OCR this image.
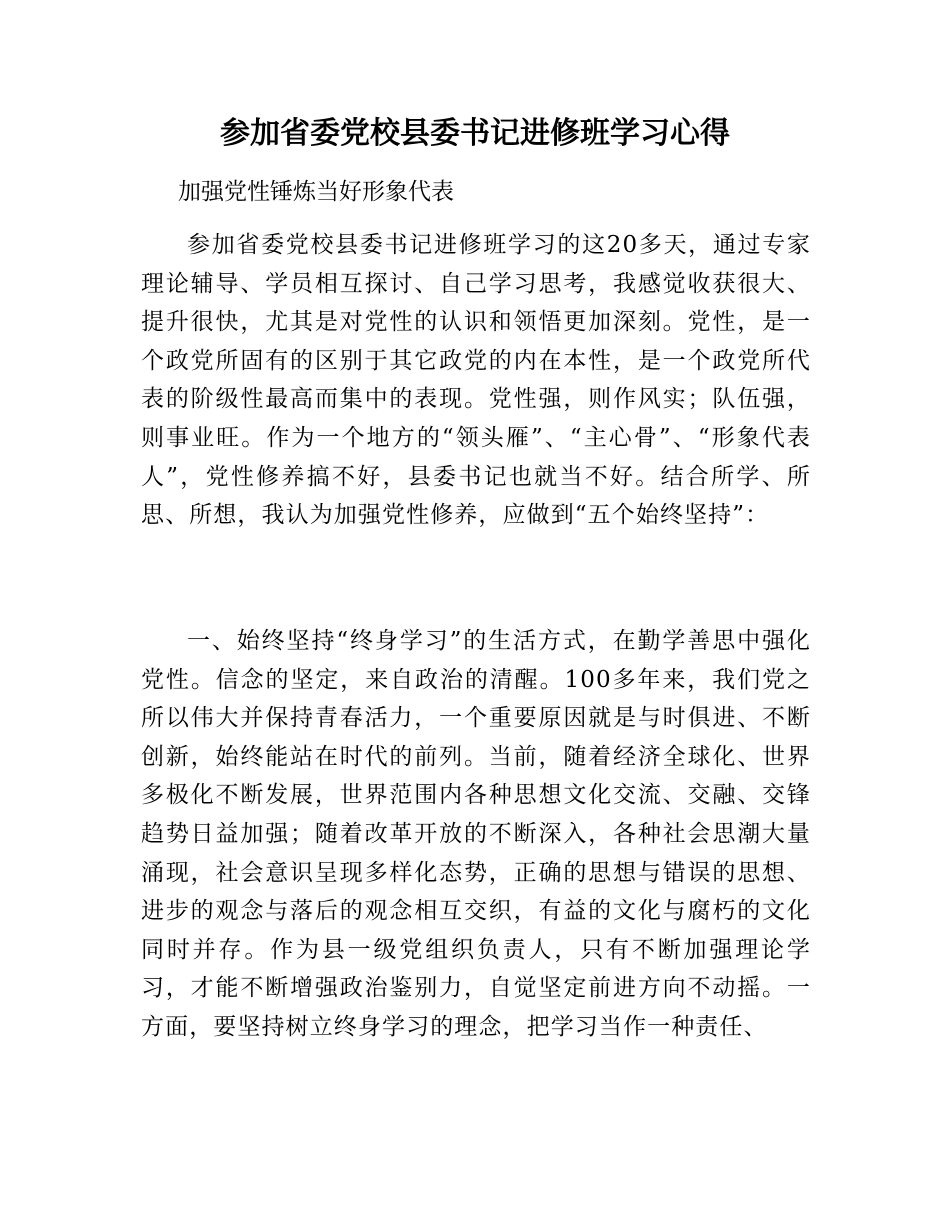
参加省委党校县委书记进修班学习心得

加强党性锤炼当好形象代表

参加省委党校县委书记进修班学习的这20多天，通过专家理论辅导、学员相互探讨、自己学习思考，我感觉收获很大、提升很快，尤其是对党性的认识和领悟更加深刻。党性，是一个政党所固有的区别于其它政党的内在本性，是一个政党所代表的阶级性最高而集中的表现。党性强，则作风实；队伍强，则事业旺。作为一个地方的“领头雁”、“主心骨”、“形象代表人”，党性修养搞不好，县委书记也就当不好。结合所学、所思、所想，我认为加强党性修养，应做到“五个始终坚持”：

一、始终坚持“终身学习”的生活方式，在勤学善思中强化党性。信念的坚定，来自政治的清醒。100多年来，我们党之所以伟大并保持青春活力，一个重要原因就是与时俱进、不断创新，始终能站在时代的前列。当前，随着经济全球化、世界多极化不断发展，世界范围内各种思想文化交流、交融、交锋趋势日益加强；随着改革开放的不断深入，各种社会思潮大量涌现，社会意识呈现多样化态势，正确的思想与错误的思想、进步的观念与落后的观念相互交织，有益的文化与腐朽的文化同时并存。作为县一级党组织负责人，只有不断加强理论学习，才能不断增强政治鉴别力，自觉坚定前进方向不动摇。一方面，要坚持树立终身学习的理念，把学习当作一种责任、
